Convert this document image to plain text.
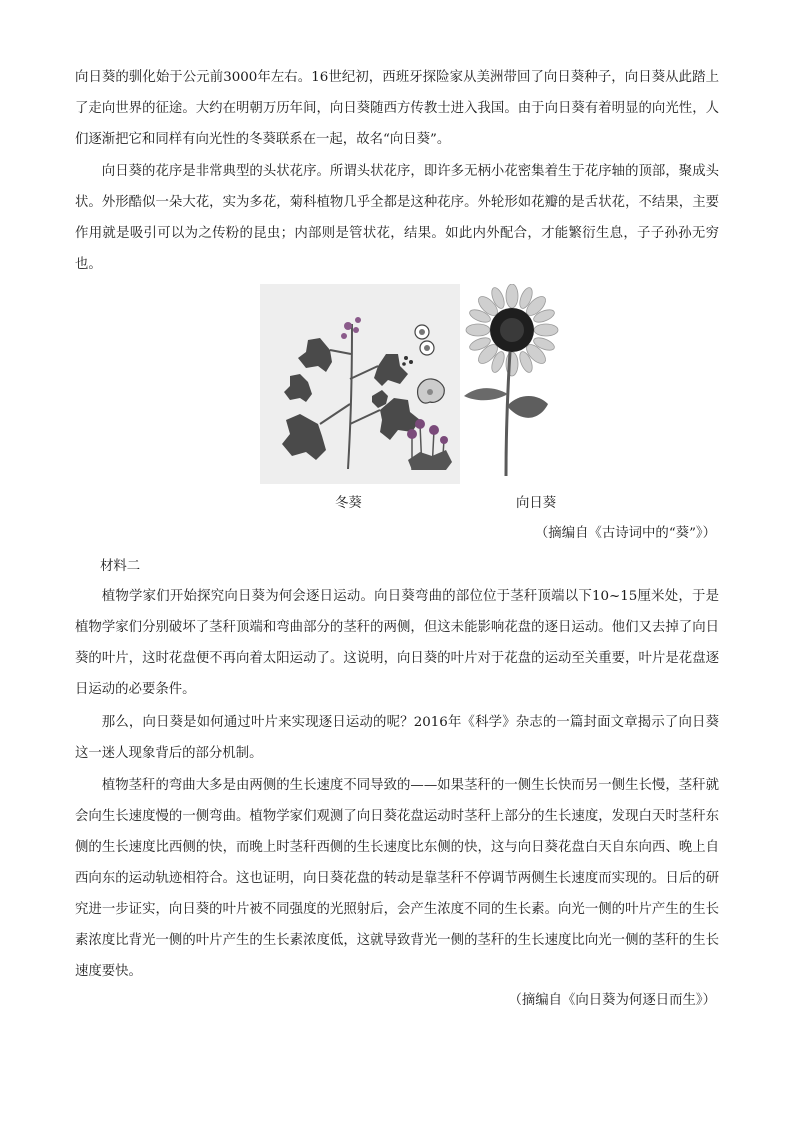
向日葵的驯化始于公元前3000年左右。16世纪初，西班牙探险家从美洲带回了向日葵种子，向日葵从此踏上了走向世界的征途。大约在明朝万历年间，向日葵随西方传教士进入我国。由于向日葵有着明显的向光性，人们逐渐把它和同样有向光性的冬葵联系在一起，故名“向日葵”。

向日葵的花序是非常典型的头状花序。所谓头状花序，即许多无柄小花密集着生于花序轴的顶部，聚成头状。外形酷似一朵大花，实为多花，菊科植物几乎全都是这种花序。外轮形如花瓣的是舌状花，不结果，主要作用就是吸引可以为之传粉的昆虫；内部则是管状花，结果。如此内外配合，才能繁衍生息，子子孙孙无穷也。

冬葵	向日葵
（摘编自《古诗词中的“葵”》）
材料二

植物学家们开始探究向日葵为何会逐日运动。向日葵弯曲的部位位于茎秆顶端以下10~15厘米处，于是植物学家们分别破坏了茎秆顶端和弯曲部分的茎秆的两侧，但这未能影响花盘的逐日运动。他们又去掉了向日葵的叶片，这时花盘便不再向着太阳运动了。这说明，向日葵的叶片对于花盘的运动至关重要，叶片是花盘逐日运动的必要条件。

那么，向日葵是如何通过叶片来实现逐日运动的呢？2016年《科学》杂志的一篇封面文章揭示了向日葵这一迷人现象背后的部分机制。

植物茎秆的弯曲大多是由两侧的生长速度不同导致的——如果茎秆的一侧生长快而另一侧生长慢，茎秆就会向生长速度慢的一侧弯曲。植物学家们观测了向日葵花盘运动时茎秆上部分的生长速度，发现白天时茎秆东侧的生长速度比西侧的快，而晚上时茎秆西侧的生长速度比东侧的快，这与向日葵花盘白天自东向西、晚上自西向东的运动轨迹相符合。这也证明，向日葵花盘的转动是靠茎秆不停调节两侧生长速度而实现的。日后的研究进一步证实，向日葵的叶片被不同强度的光照射后，会产生浓度不同的生长素。向光一侧的叶片产生的生长素浓度比背光一侧的叶片产生的生长素浓度低，这就导致背光一侧的茎秆的生长速度比向光一侧的茎秆的生长速度要快。

（摘编自《向日葵为何逐日而生》）
